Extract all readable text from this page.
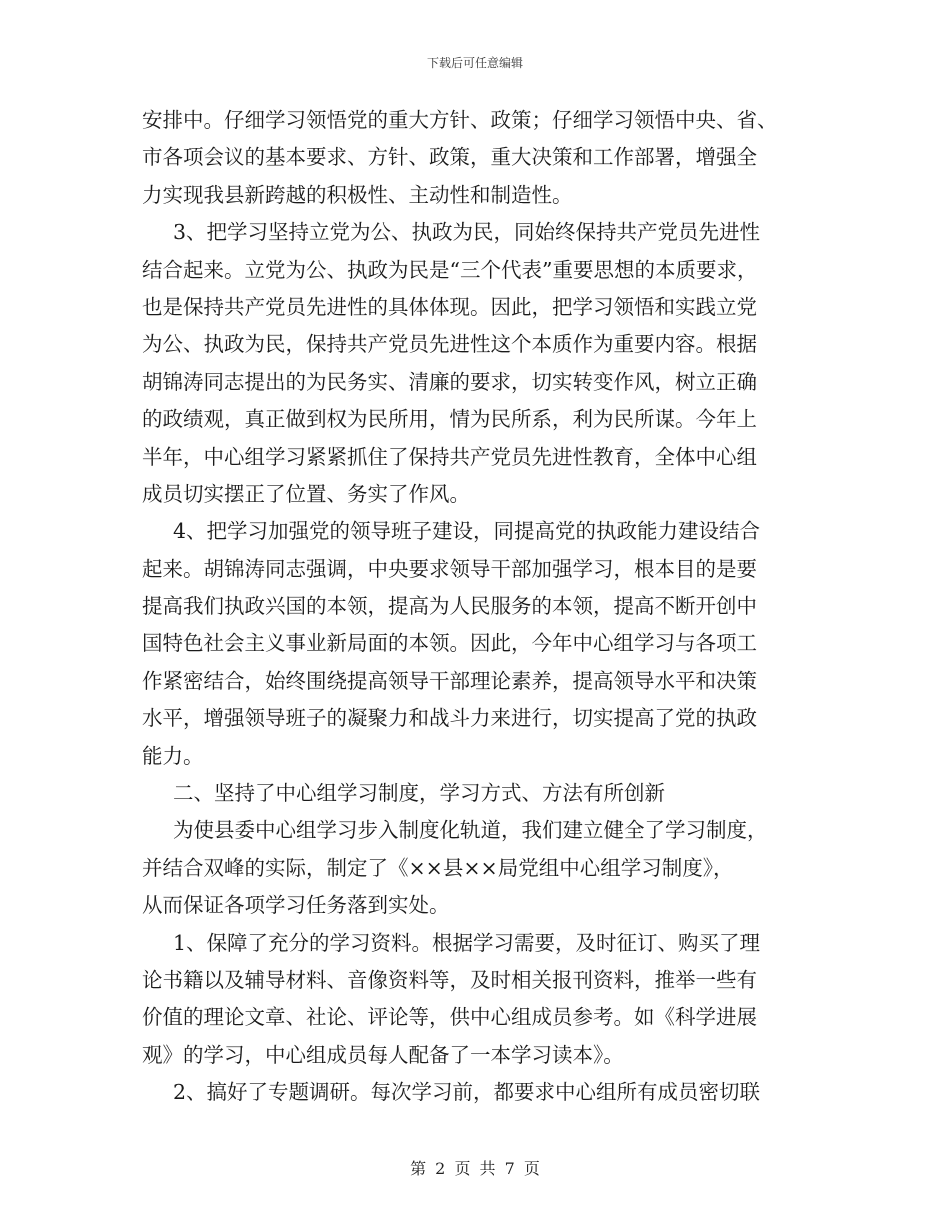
下载后可任意编辑
安排中。仔细学习领悟党的重大方针、政策；仔细学习领悟中央、省、
市各项会议的基本要求、方针、政策，重大决策和工作部署，增强全
力实现我县新跨越的积极性、主动性和制造性。
3、把学习坚持立党为公、执政为民，同始终保持共产党员先进性
结合起来。立党为公、执政为民是“三个代表”重要思想的本质要求，
也是保持共产党员先进性的具体体现。因此，把学习领悟和实践立党
为公、执政为民，保持共产党员先进性这个本质作为重要内容。根据
胡锦涛同志提出的为民务实、清廉的要求，切实转变作风，树立正确
的政绩观，真正做到权为民所用，情为民所系，利为民所谋。今年上
半年，中心组学习紧紧抓住了保持共产党员先进性教育，全体中心组
成员切实摆正了位置、务实了作风。
4、把学习加强党的领导班子建设，同提高党的执政能力建设结合
起来。胡锦涛同志强调，中央要求领导干部加强学习，根本目的是要
提高我们执政兴国的本领，提高为人民服务的本领，提高不断开创中
国特色社会主义事业新局面的本领。因此，今年中心组学习与各项工
作紧密结合，始终围绕提高领导干部理论素养，提高领导水平和决策
水平，增强领导班子的凝聚力和战斗力来进行，切实提高了党的执政
能力。
二、坚持了中心组学习制度，学习方式、方法有所创新
为使县委中心组学习步入制度化轨道，我们建立健全了学习制度，
并结合双峰的实际，制定了《××县××局党组中心组学习制度》，
从而保证各项学习任务落到实处。
1、保障了充分的学习资料。根据学习需要，及时征订、购买了理
论书籍以及辅导材料、音像资料等，及时相关报刊资料，推举一些有
价值的理论文章、社论、评论等，供中心组成员参考。如《科学进展
观》的学习，中心组成员每人配备了一本学习读本》。
2、搞好了专题调研。每次学习前，都要求中心组所有成员密切联
第 2 页 共 7 页
